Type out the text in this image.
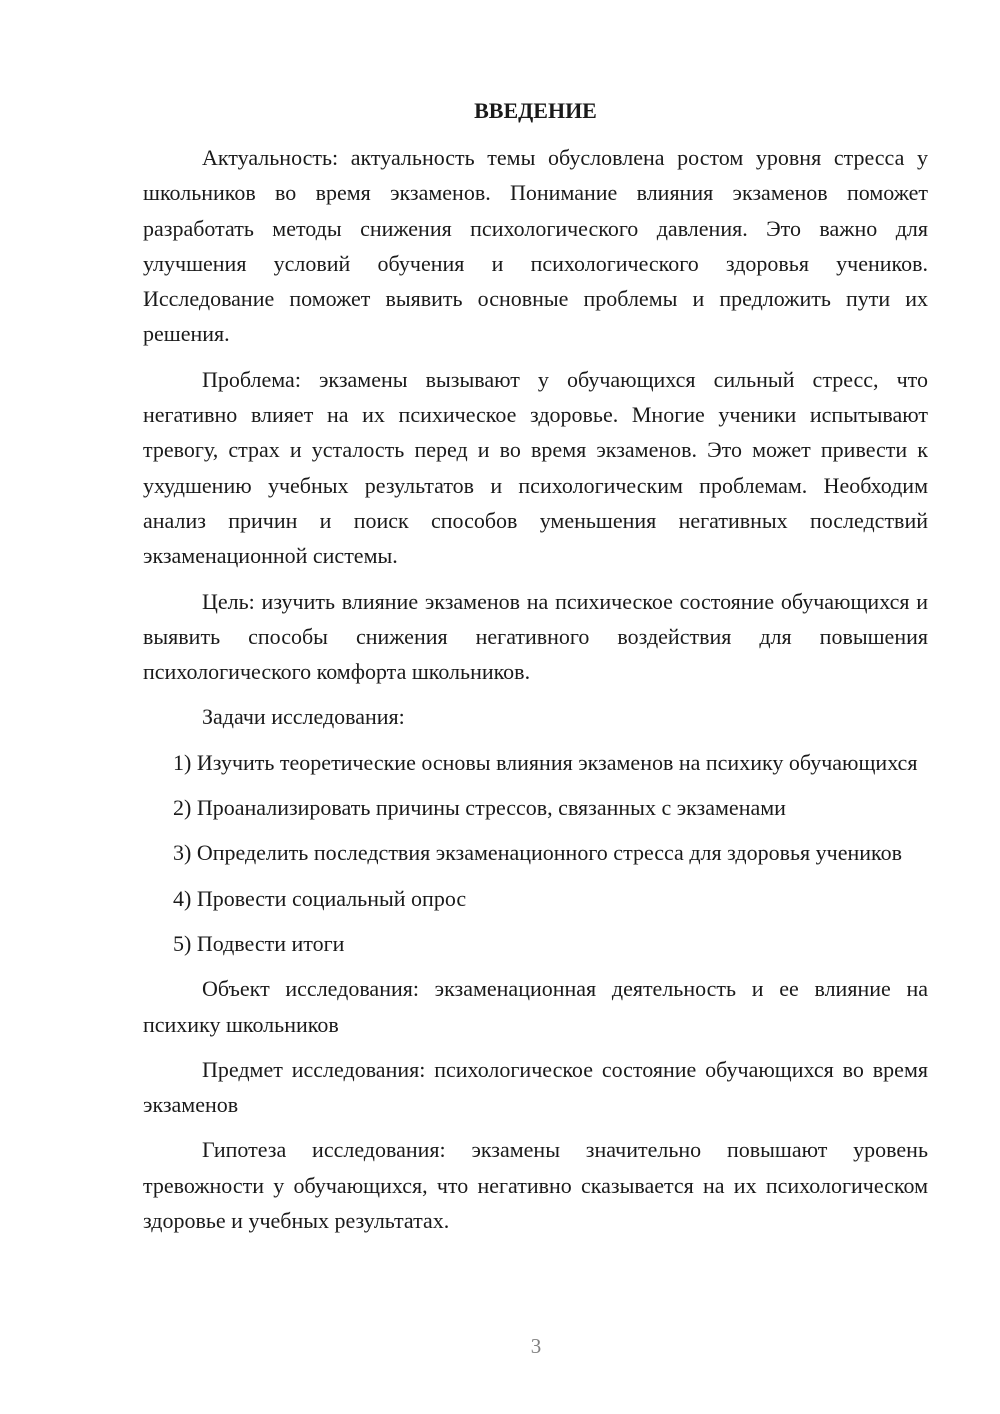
ВВЕДЕНИЕ

Актуальность: актуальность темы обусловлена ростом уровня стресса у школьников во время экзаменов. Понимание влияния экзаменов поможет разработать методы снижения психологического давления. Это важно для улучшения условий обучения и психологического здоровья учеников. Исследование поможет выявить основные проблемы и предложить пути их решения.

Проблема: экзамены вызывают у обучающихся сильный стресс, что негативно влияет на их психическое здоровье. Многие ученики испытывают тревогу, страх и усталость перед и во время экзаменов. Это может привести к ухудшению учебных результатов и психологическим проблемам. Необходим анализ причин и поиск способов уменьшения негативных последствий экзаменационной системы.

Цель: изучить влияние экзаменов на психическое состояние обучающихся и выявить способы снижения негативного воздействия для повышения психологического комфорта школьников.

Задачи исследования:

1) Изучить теоретические основы влияния экзаменов на психику обучающихся

2) Проанализировать причины стрессов, связанных с экзаменами

3) Определить последствия экзаменационного стресса для здоровья учеников

4) Провести социальный опрос

5) Подвести итоги

Объект исследования: экзаменационная деятельность и ее влияние на психику школьников

Предмет исследования: психологическое состояние обучающихся во время экзаменов

Гипотеза исследования: экзамены значительно повышают уровень тревожности у обучающихся, что негативно сказывается на их психологическом здоровье и учебных результатах.

3
